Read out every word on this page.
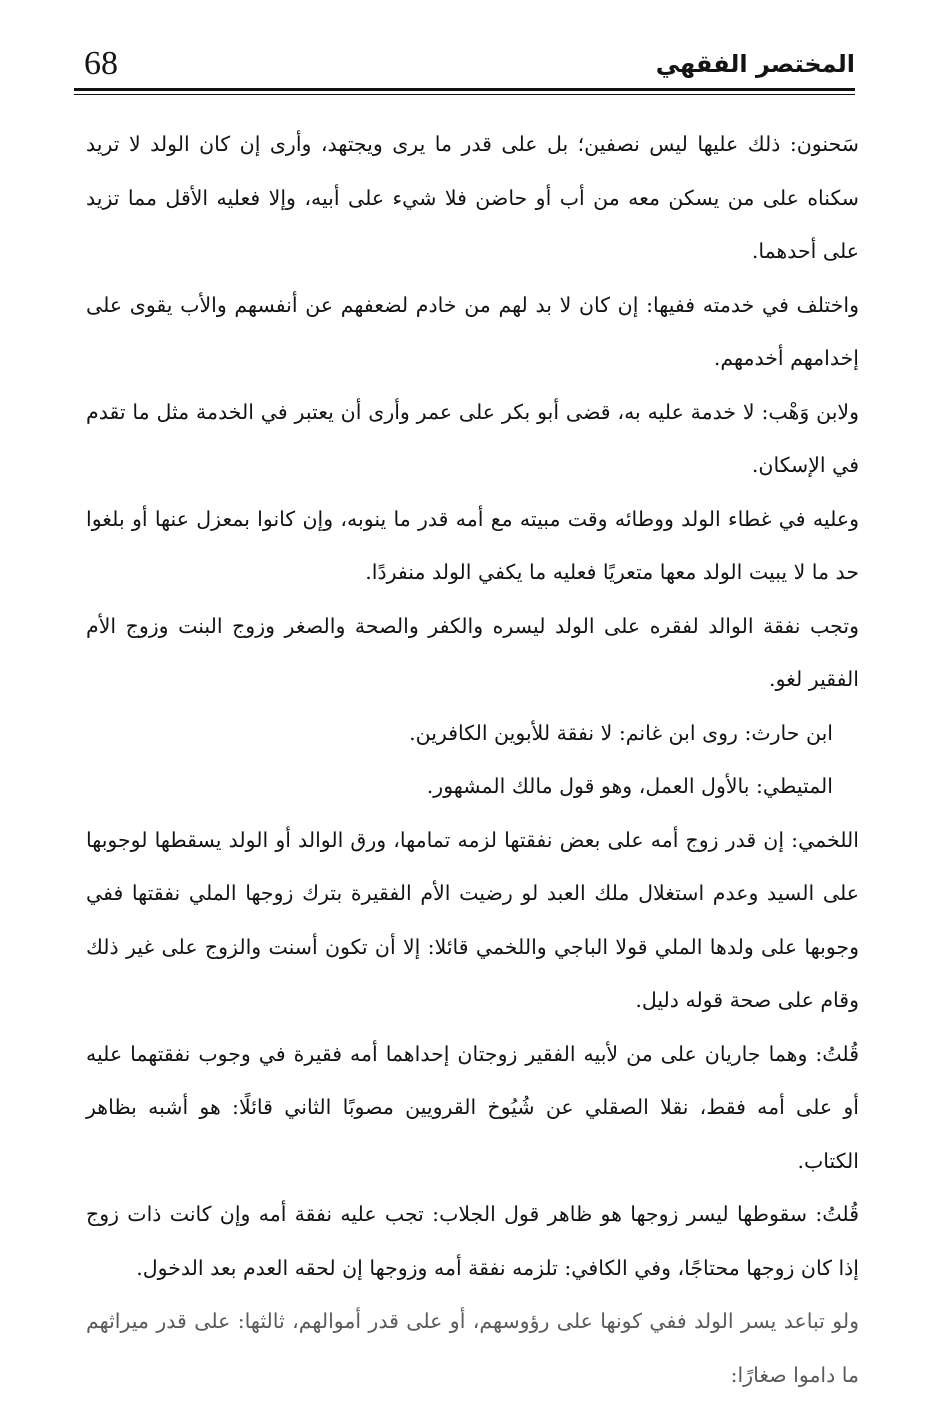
68	المختصر الفقهي

سَحنون: ذلك عليها ليس نصفين؛ بل على قدر ما يرى ويجتهد، وأرى إن كان الولد لا تريد سكناه على من يسكن معه من أب أو حاضن فلا شيء على أبيه، وإلا فعليه الأقل مما تزيد على أحدهما.

واختلف في خدمته ففيها: إن كان لا بد لهم من خادم لضعفهم عن أنفسهم والأب يقوى على إخدامهم أخدمهم.

ولابن وَهْب: لا خدمة عليه به، قضى أبو بكر على عمر وأرى أن يعتبر في الخدمة مثل ما تقدم في الإسكان.

وعليه في غطاء الولد ووطائه وقت مبيته مع أمه قدر ما ينوبه، وإن كانوا بمعزل عنها أو بلغوا حد ما لا يبيت الولد معها متعريًا فعليه ما يكفي الولد منفردًا.

وتجب نفقة الوالد لفقره على الولد ليسره والكفر والصحة والصغر وزوج البنت وزوج الأم الفقير لغو.

ابن حارث: روى ابن غانم: لا نفقة للأبوين الكافرين.

المتيطي: بالأول العمل، وهو قول مالك المشهور.

اللخمي: إن قدر زوج أمه على بعض نفقتها لزمه تمامها، ورق الوالد أو الولد يسقطها لوجوبها على السيد وعدم استغلال ملك العبد لو رضيت الأم الفقيرة بترك زوجها الملي نفقتها ففي وجوبها على ولدها الملي قولا الباجي واللخمي قائلا: إلا أن تكون أسنت والزوج على غير ذلك وقام على صحة قوله دليل.

قُلتُ: وهما جاريان على من لأبيه الفقير زوجتان إحداهما أمه فقيرة في وجوب نفقتهما عليه أو على أمه فقط، نقلا الصقلي عن شُيُوخ القرويين مصوبًا الثاني قائلًا: هو أشبه بظاهر الكتاب.

قُلتُ: سقوطها ليسر زوجها هو ظاهر قول الجلاب: تجب عليه نفقة أمه وإن كانت ذات زوج إذا كان زوجها محتاجًا، وفي الكافي: تلزمه نفقة أمه وزوجها إن لحقه العدم بعد الدخول.

ولو تباعد يسر الولد ففي كونها على رؤوسهم، أو على قدر أموالهم، ثالثها: على قدر ميراثهم ما داموا صغارًا:
